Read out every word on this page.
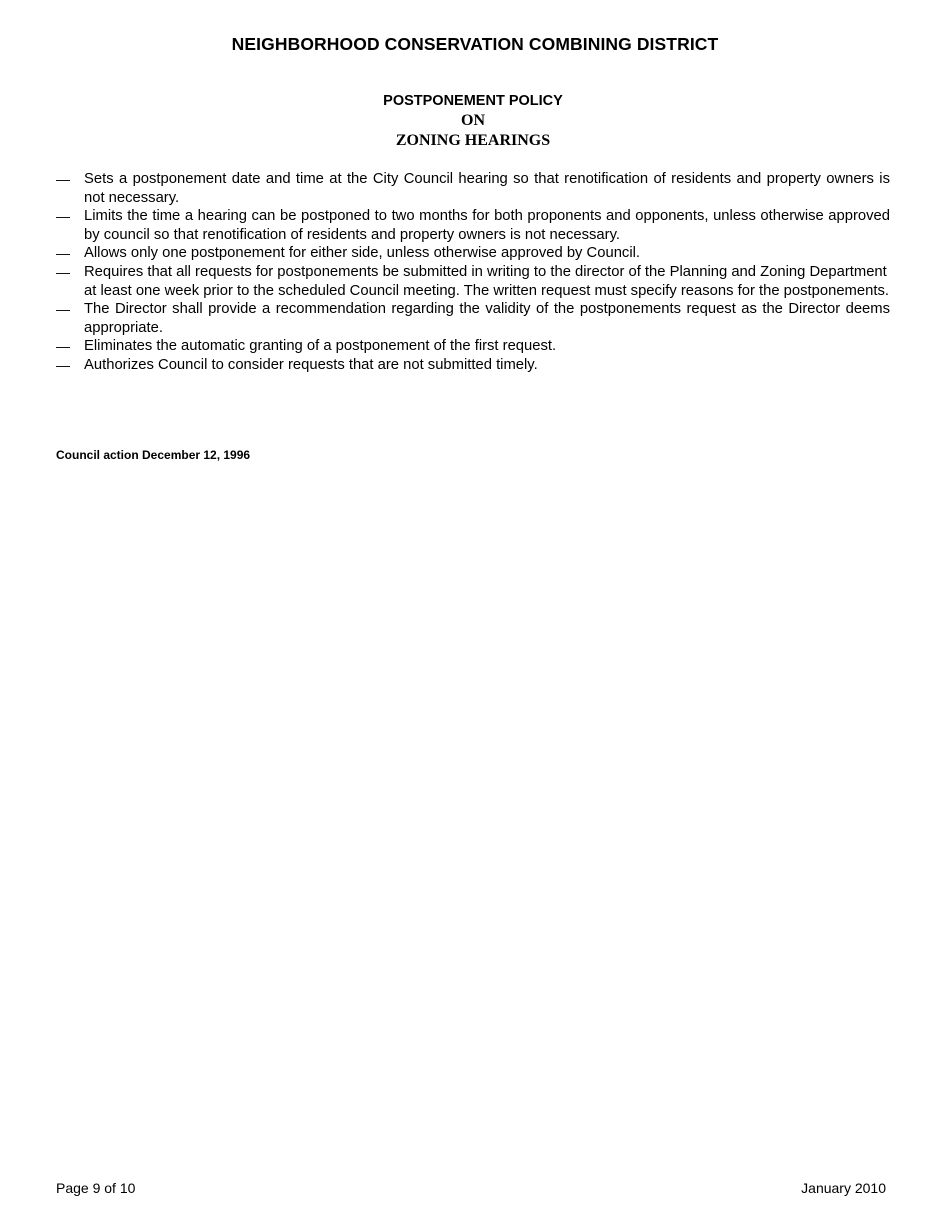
NEIGHBORHOOD CONSERVATION COMBINING DISTRICT
POSTPONEMENT POLICY
ON
ZONING HEARINGS
— Sets a postponement date and time at the City Council hearing so that renotification of residents and property owners is not necessary.
— Limits the time a hearing can be postponed to two months for both proponents and opponents, unless otherwise approved by council so that renotification of residents and property owners is not necessary.
— Allows only one postponement for either side, unless otherwise approved by Council.
— Requires that all requests for postponements be submitted in writing to the director of the Planning and Zoning Department at least one week prior to the scheduled Council meeting. The written request must specify reasons for the postponements.
— The Director shall provide a recommendation regarding the validity of the postponements request as the Director deems appropriate.
— Eliminates the automatic granting of a postponement of the first request.
— Authorizes Council to consider requests that are not submitted timely.
Council action December 12, 1996
Page 9 of 10	January 2010
